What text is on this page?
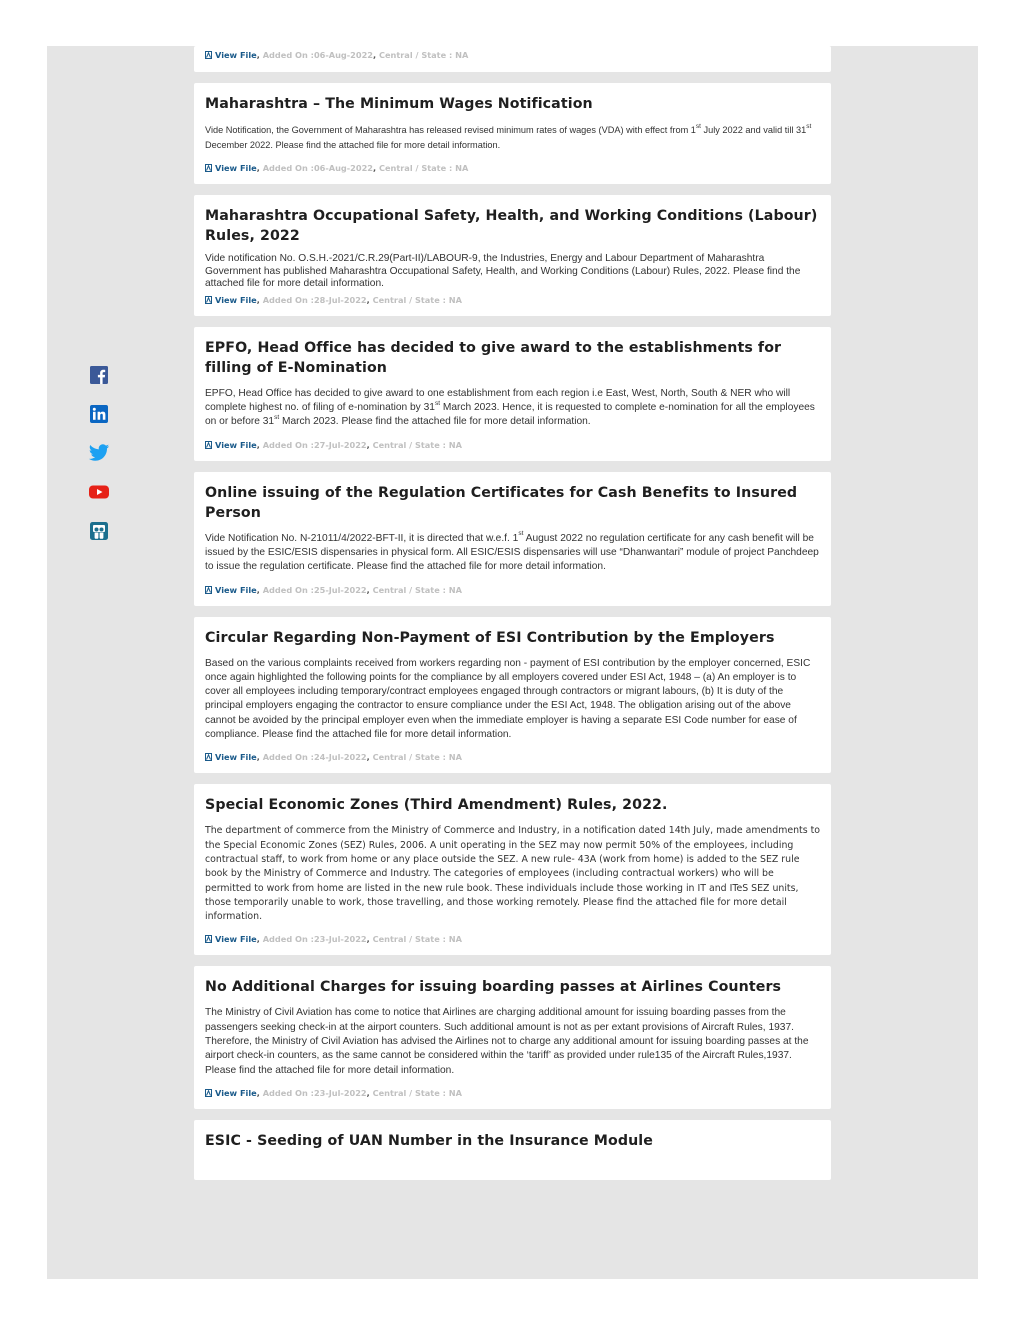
View File, Added On :06-Aug-2022, Central / State : NA
Maharashtra – The Minimum Wages Notification

Vide Notification, the Government of Maharashtra has released revised minimum rates of wages (VDA) with effect from 1st July 2022 and valid till 31st December 2022. Please find the attached file for more detail information.

View File, Added On :06-Aug-2022, Central / State : NA
Maharashtra Occupational Safety, Health, and Working Conditions (Labour) Rules, 2022

Vide notification No. O.S.H.-2021/C.R.29(Part-II)/LABOUR-9, the Industries, Energy and Labour Department of Maharashtra Government has published Maharashtra Occupational Safety, Health, and Working Conditions (Labour) Rules, 2022. Please find the attached file for more detail information.

View File, Added On :28-Jul-2022, Central / State : NA
EPFO, Head Office has decided to give award to the establishments for filling of E-Nomination

EPFO, Head Office has decided to give award to one establishment from each region i.e East, West, North, South & NER who will complete highest no. of filing of e-nomination by 31st March 2023. Hence, it is requested to complete e-nomination for all the employees on or before 31st March 2023. Please find the attached file for more detail information.

View File, Added On :27-Jul-2022, Central / State : NA
Online issuing of the Regulation Certificates for Cash Benefits to Insured Person

Vide Notification No. N-21011/4/2022-BFT-II, it is directed that w.e.f. 1st August 2022 no regulation certificate for any cash benefit will be issued by the ESIC/ESIS dispensaries in physical form. All ESIC/ESIS dispensaries will use “Dhanwantari” module of project Panchdeep to issue the regulation certificate. Please find the attached file for more detail information.

View File, Added On :25-Jul-2022, Central / State : NA
Circular Regarding Non-Payment of ESI Contribution by the Employers

Based on the various complaints received from workers regarding non - payment of ESI contribution by the employer concerned, ESIC once again highlighted the following points for the compliance by all employers covered under ESI Act, 1948 – (a) An employer is to cover all employees including temporary/contract employees engaged through contractors or migrant labours, (b) It is duty of the principal employers engaging the contractor to ensure compliance under the ESI Act, 1948. The obligation arising out of the above cannot be avoided by the principal employer even when the immediate employer is having a separate ESI Code number for ease of compliance. Please find the attached file for more detail information.

View File, Added On :24-Jul-2022, Central / State : NA
Special Economic Zones (Third Amendment) Rules, 2022.

The department of commerce from the Ministry of Commerce and Industry, in a notification dated 14th July, made amendments to the Special Economic Zones (SEZ) Rules, 2006. A unit operating in the SEZ may now permit 50% of the employees, including contractual staff, to work from home or any place outside the SEZ. A new rule- 43A (work from home) is added to the SEZ rule book by the Ministry of Commerce and Industry. The categories of employees (including contractual workers) who will be permitted to work from home are listed in the new rule book. These individuals include those working in IT and ITeS SEZ units, those temporarily unable to work, those travelling, and those working remotely. Please find the attached file for more detail information.

View File, Added On :23-Jul-2022, Central / State : NA
No Additional Charges for issuing boarding passes at Airlines Counters

The Ministry of Civil Aviation has come to notice that Airlines are charging additional amount for issuing boarding passes from the passengers seeking check-in at the airport counters. Such additional amount is not as per extant provisions of Aircraft Rules, 1937. Therefore, the Ministry of Civil Aviation has advised the Airlines not to charge any additional amount for issuing boarding passes at the airport check-in counters, as the same cannot be considered within the ‘tariff’ as provided under rule135 of the Aircraft Rules,1937. Please find the attached file for more detail information.

View File, Added On :23-Jul-2022, Central / State : NA
ESIC - Seeding of UAN Number in the Insurance Module
